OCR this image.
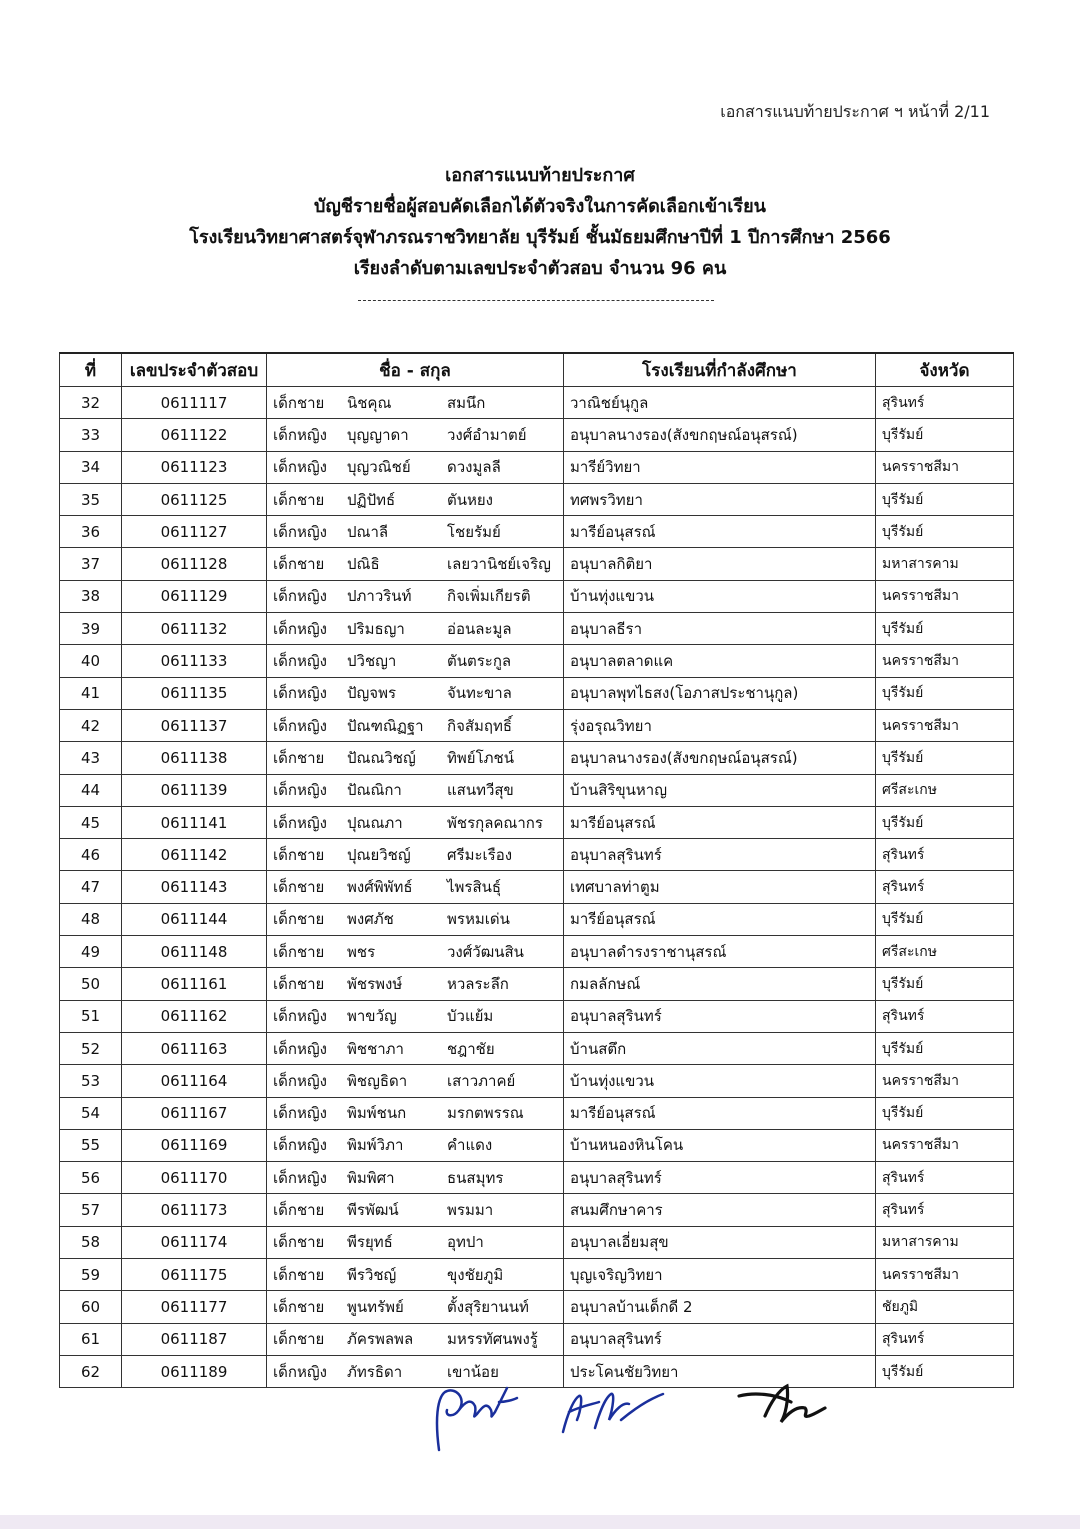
เอกสารแนบท้ายประกาศ ฯ หน้าที่ 2/11
เอกสารแนบท้ายประกาศ
บัญชีรายชื่อผู้สอบคัดเลือกได้ตัวจริงในการคัดเลือกเข้าเรียน
โรงเรียนวิทยาศาสตร์จุฬาภรณราชวิทยาลัย บุรีรัมย์ ชั้นมัธยมศึกษาปีที่ 1 ปีการศึกษา 2566
เรียงลำดับตามเลขประจำตัวสอบ จำนวน 96 คน
ที่	เลขประจำตัวสอบ	ชื่อ - สกุล	โรงเรียนที่กำลังศึกษา	จังหวัด
32	0611117	เด็กชาย นิชคุณ สมนึก	วาณิชย์นุกูล	สุรินทร์
33	0611122	เด็กหญิง บุญญาดา วงศ์อำมาตย์	อนุบาลนางรอง(สังขกฤษณ์อนุสรณ์)	บุรีรัมย์
34	0611123	เด็กหญิง บุญวณิชย์ ดวงมูลลี	มารีย์วิทยา	นครราชสีมา
35	0611125	เด็กชาย ปฏิปัทธ์ ตันหยง	ทศพรวิทยา	บุรีรัมย์
36	0611127	เด็กหญิง ปณาลี โชยรัมย์	มารีย์อนุสรณ์	บุรีรัมย์
37	0611128	เด็กชาย ปณิธิ เลยวานิชย์เจริญ	อนุบาลกิติยา	มหาสารคาม
38	0611129	เด็กหญิง ปภาวรินท์ กิจเพิ่มเกียรติ	บ้านทุ่งแขวน	นครราชสีมา
39	0611132	เด็กหญิง ปริมธญา อ่อนละมูล	อนุบาลธีรา	บุรีรัมย์
40	0611133	เด็กหญิง ปวิชญา ตันตระกูล	อนุบาลตลาดแค	นครราชสีมา
41	0611135	เด็กหญิง ปัญจพร จันทะขาล	อนุบาลพุทไธสง(โอภาสประชานุกูล)	บุรีรัมย์
42	0611137	เด็กหญิง ปัณฑณิฏฐา กิจสัมฤทธิ์	รุ่งอรุณวิทยา	นครราชสีมา
43	0611138	เด็กชาย ปัณณวิชญ์ ทิพย์โภชน์	อนุบาลนางรอง(สังขกฤษณ์อนุสรณ์)	บุรีรัมย์
44	0611139	เด็กหญิง ปัณณิกา แสนทวีสุข	บ้านสิริขุนหาญ	ศรีสะเกษ
45	0611141	เด็กหญิง ปุณณภา พัชรกุลคณากร	มารีย์อนุสรณ์	บุรีรัมย์
46	0611142	เด็กชาย ปุณยวิชญ์ ศรีมะเรือง	อนุบาลสุรินทร์	สุรินทร์
47	0611143	เด็กชาย พงศ์พิพัทธ์ ไพรสินธุ์	เทศบาลท่าตูม	สุรินทร์
48	0611144	เด็กชาย พงศภัช พรหมเด่น	มารีย์อนุสรณ์	บุรีรัมย์
49	0611148	เด็กชาย พชร วงศ์วัฒนสิน	อนุบาลดำรงราชานุสรณ์	ศรีสะเกษ
50	0611161	เด็กชาย พัชรพงษ์ หวลระลึก	กมลลักษณ์	บุรีรัมย์
51	0611162	เด็กหญิง พาขวัญ บัวแย้ม	อนุบาลสุรินทร์	สุรินทร์
52	0611163	เด็กหญิง พิชชาภา ชฎาชัย	บ้านสตึก	บุรีรัมย์
53	0611164	เด็กหญิง พิชญธิดา เสาวภาคย์	บ้านทุ่งแขวน	นครราชสีมา
54	0611167	เด็กหญิง พิมพ์ชนก มรกตพรรณ	มารีย์อนุสรณ์	บุรีรัมย์
55	0611169	เด็กหญิง พิมพ์วิภา คำแดง	บ้านหนองหินโคน	นครราชสีมา
56	0611170	เด็กหญิง พิมพิศา ธนสมุทร	อนุบาลสุรินทร์	สุรินทร์
57	0611173	เด็กชาย พีรพัฒน์ พรมมา	สนมศึกษาคาร	สุรินทร์
58	0611174	เด็กชาย พีรยุทธ์ อุทปา	อนุบาลเอี่ยมสุข	มหาสารคาม
59	0611175	เด็กชาย พีรวิชญ์ ขุงชัยภูมิ	บุญเจริญวิทยา	นครราชสีมา
60	0611177	เด็กชาย พูนทรัพย์ ตั้งสุริยานนท์	อนุบาลบ้านเด็กดี 2	ชัยภูมิ
61	0611187	เด็กชาย ภัครพลพล มหรรทัศนพงรู้	อนุบาลสุรินทร์	สุรินทร์
62	0611189	เด็กหญิง ภัทรธิดา เขาน้อย	ประโคนชัยวิทยา	บุรีรัมย์
